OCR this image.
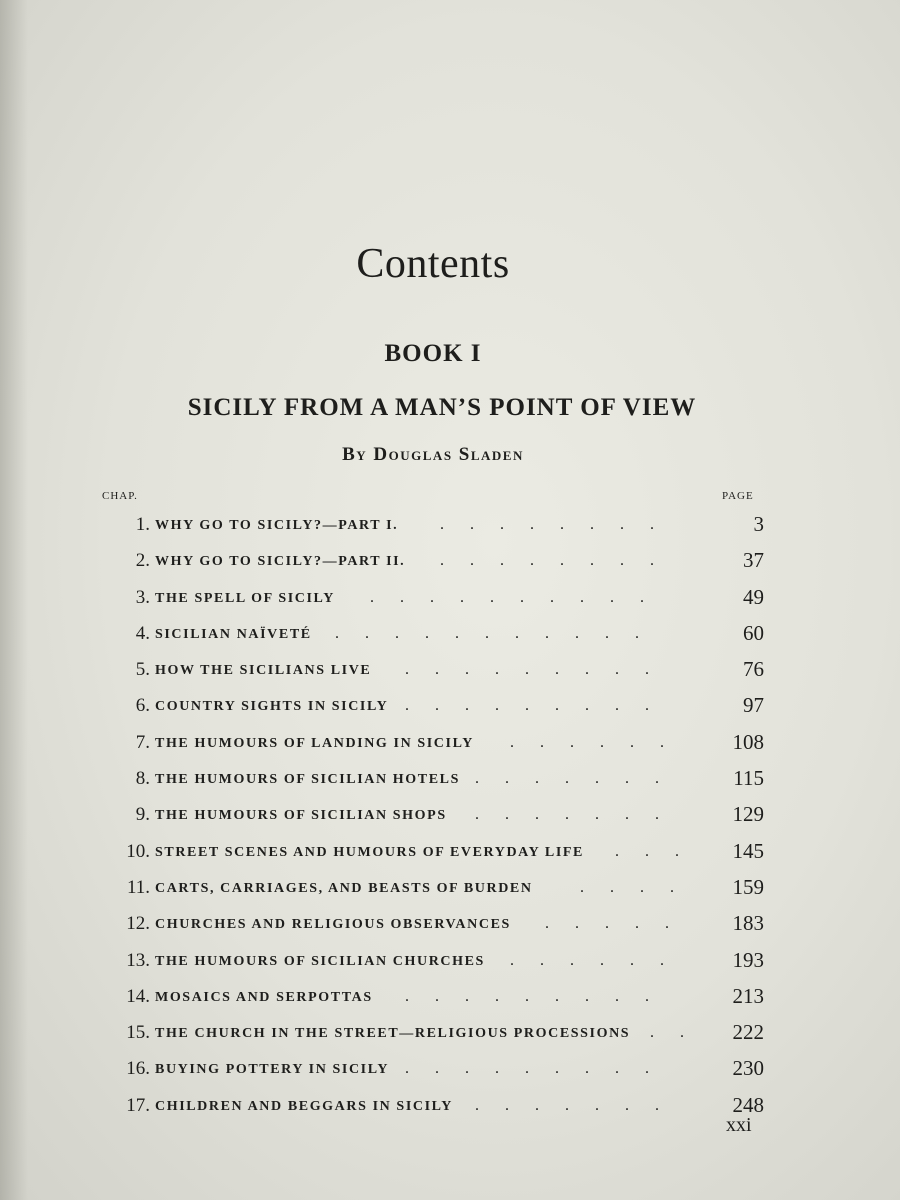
Contents
BOOK I
SICILY FROM A MAN’S POINT OF VIEW
By Douglas Sladen
CHAP.	PAGE
1. WHY GO TO SICILY?—PART I.	........	3
2. WHY GO TO SICILY?—PART II. ........	37
3. THE SPELL OF SICILY ..........	49
4. SICILIAN NAÏVETÉ ...........	60
5. HOW THE SICILIANS LIVE .........	76
6. COUNTRY SIGHTS IN SICILY .........	97
7. THE HUMOURS OF LANDING IN SICILY ...... 108
8. THE HUMOURS OF SICILIAN HOTELS ....... 115
9. THE HUMOURS OF SICILIAN SHOPS ....... 129
10. STREET SCENES AND HUMOURS OF EVERYDAY LIFE ... 145
11. CARTS, CARRIAGES, AND BEASTS OF BURDEN	.... 159
12. CHURCHES AND RELIGIOUS OBSERVANCES ..... 183
13. THE HUMOURS OF SICILIAN CHURCHES ...... 193
14. MOSAICS AND SERPOTTAS .........	213
15. THE CHURCH IN THE STREET—RELIGIOUS PROCESSIONS .. 222
16. BUYING POTTERY IN SICILY .........	230
17. CHILDREN AND BEGGARS IN SICILY ....... 248
xxi
